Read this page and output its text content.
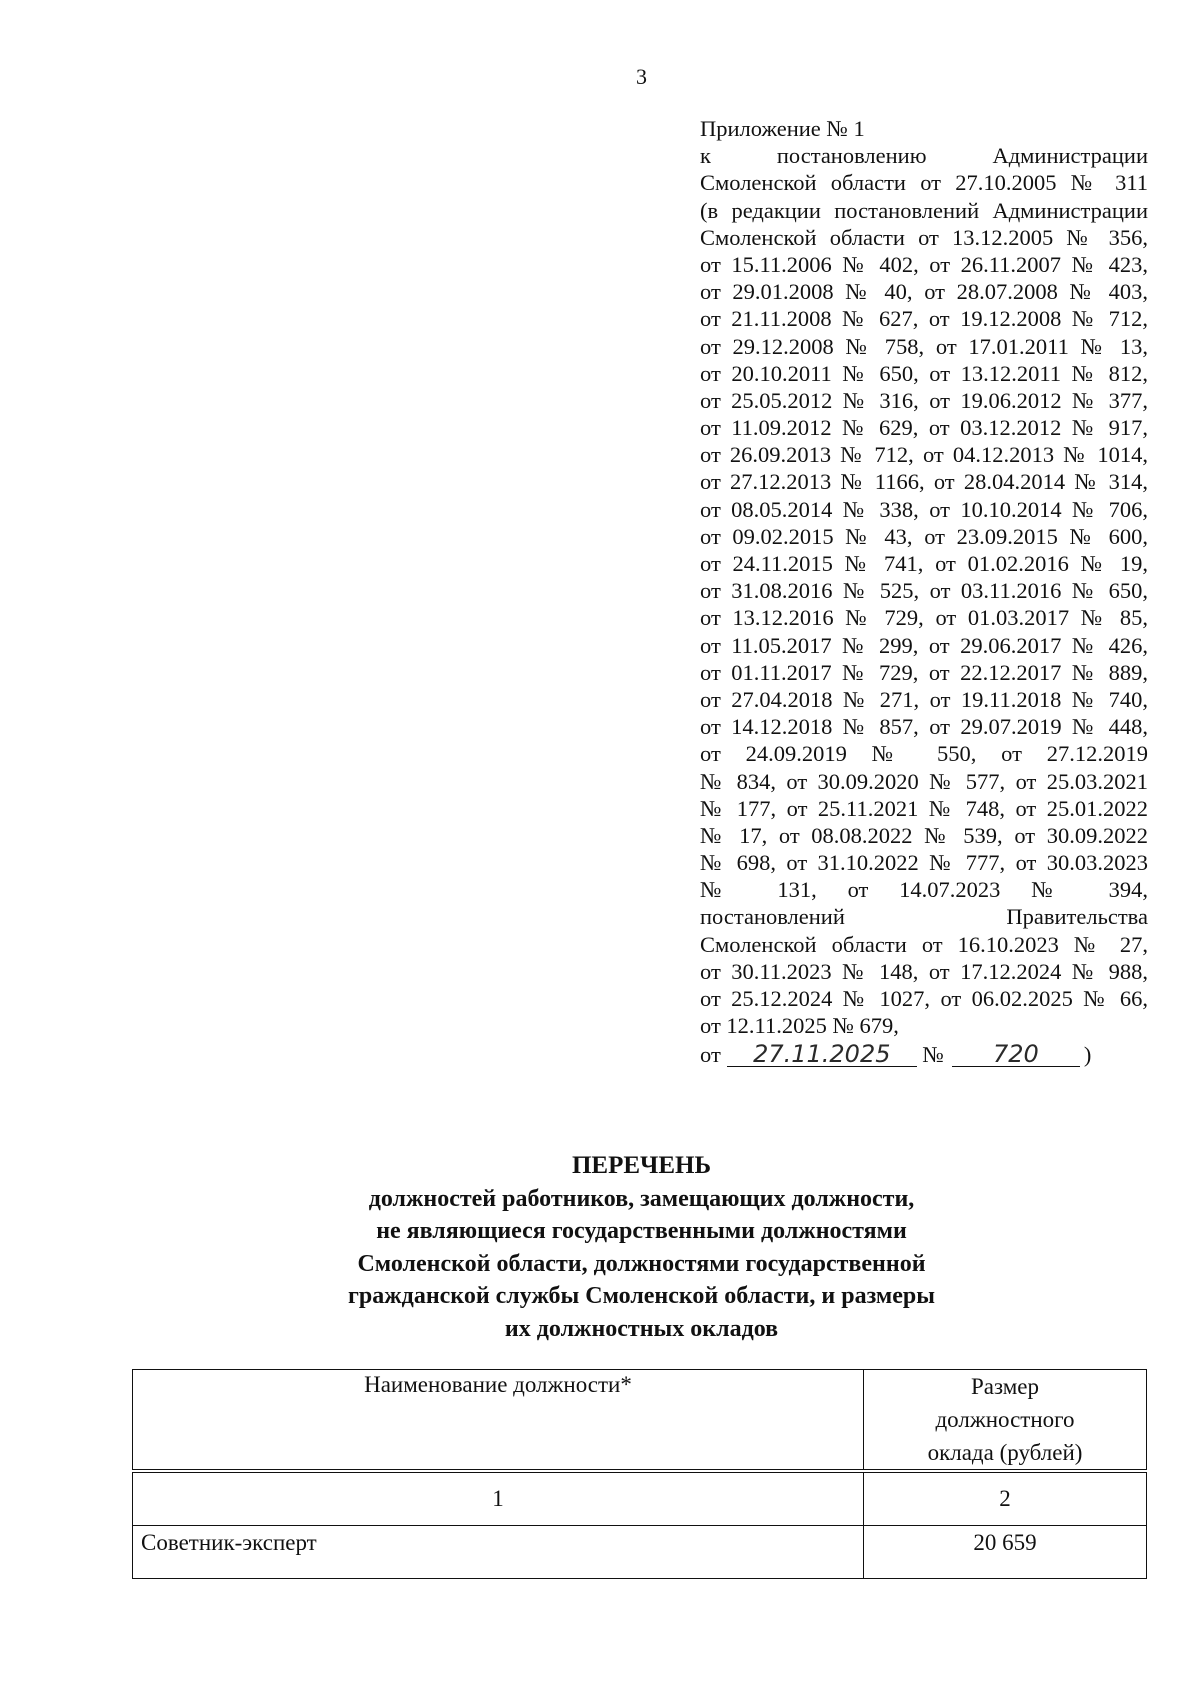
3
Приложение № 1
к постановлению Администрации
Смоленской области от 27.10.2005 № 311
(в редакции постановлений Администрации
Смоленской области от 13.12.2005 № 356,
от 15.11.2006 № 402, от 26.11.2007 № 423,
от 29.01.2008 № 40, от 28.07.2008 № 403,
от 21.11.2008 № 627, от 19.12.2008 № 712,
от 29.12.2008 № 758, от 17.01.2011 № 13,
от 20.10.2011 № 650, от 13.12.2011 № 812,
от 25.05.2012 № 316, от 19.06.2012 № 377,
от 11.09.2012 № 629, от 03.12.2012 № 917,
от 26.09.2013 № 712, от 04.12.2013 № 1014,
от 27.12.2013 № 1166, от 28.04.2014 № 314,
от 08.05.2014 № 338, от 10.10.2014 № 706,
от 09.02.2015 № 43, от 23.09.2015 № 600,
от 24.11.2015 № 741, от 01.02.2016 № 19,
от 31.08.2016 № 525, от 03.11.2016 № 650,
от 13.12.2016 № 729, от 01.03.2017 № 85,
от 11.05.2017 № 299, от 29.06.2017 № 426,
от 01.11.2017 № 729, от 22.12.2017 № 889,
от 27.04.2018 № 271, от 19.11.2018 № 740,
от 14.12.2018 № 857, от 29.07.2019 № 448,
от 24.09.2019 № 550, от 27.12.2019
№ 834, от 30.09.2020 № 577, от 25.03.2021
№ 177, от 25.11.2021 № 748, от 25.01.2022
№ 17, от 08.08.2022 № 539, от 30.09.2022
№ 698, от 31.10.2022 № 777, от 30.03.2023
№ 131, от 14.07.2023 № 394,
постановлений Правительства
Смоленской области от 16.10.2023 № 27,
от 30.11.2023 № 148, от 17.12.2024 № 988,
от 25.12.2024 № 1027, от 06.02.2025 № 66,
от 12.11.2025 № 679,
от 27.11.2025 № 720 )
ПЕРЕЧЕНЬ
должностей работников, замещающих должности,
не являющиеся государственными должностями
Смоленской области, должностями государственной
гражданской службы Смоленской области, и размеры
их должностных окладов
Наименование должности*	Размер
должностного
оклада (рублей)

1	2
Советник-эксперт	20 659
